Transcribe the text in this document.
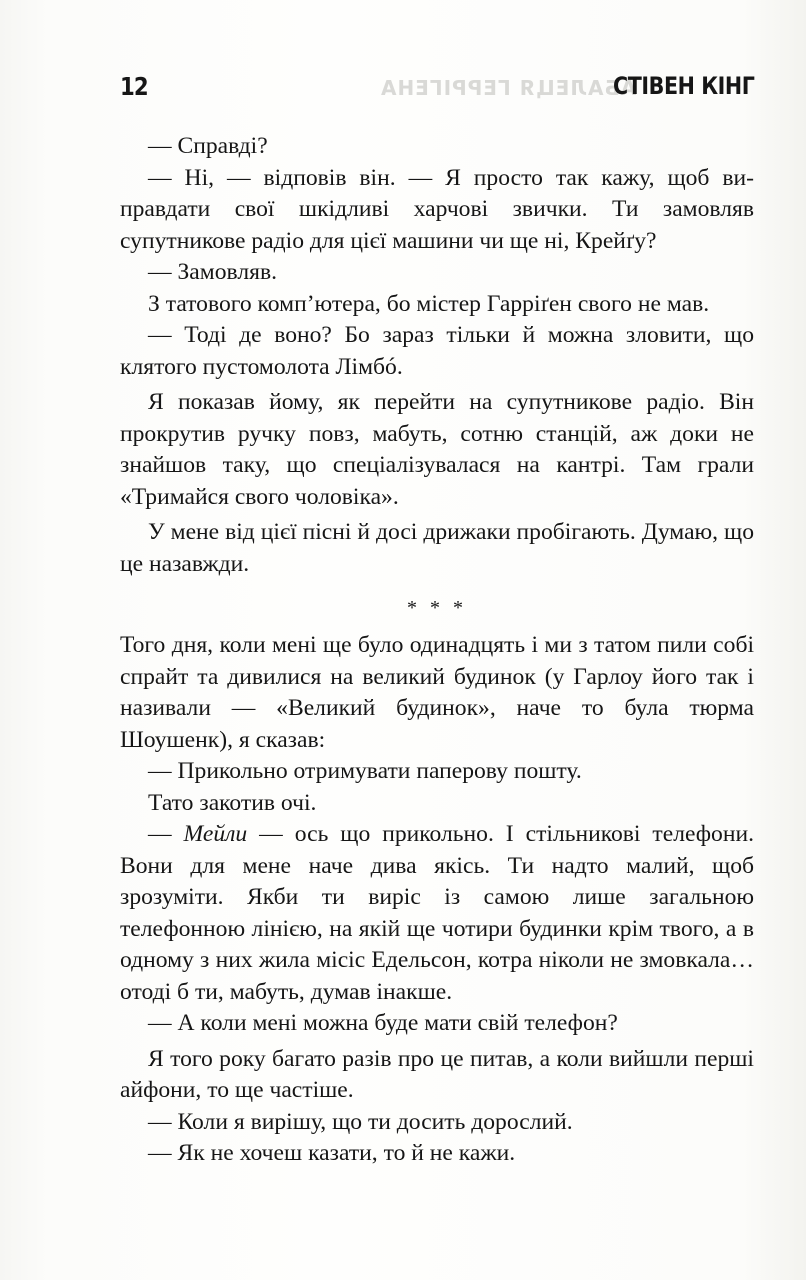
12	АБАЛЕЦЯ ГЕРРІГЕНА
СТІВЕН КІНГ

— Справді?

— Ні, — відповів він. — Я просто так кажу, щоб виправдати свої шкідливі харчові звички. Ти замовляв супутникове радіо для цієї машини чи ще ні, Крейґу?

— Замовляв.

З татового комп’ютера, бо містер Гарріґен свого не мав.

— Тоді де воно? Бо зараз тільки й можна зловити, що клятого пустомолота Лімбó.

Я показав йому, як перейти на супутникове радіо. Він прокрутив ручку повз, мабуть, сотню станцій, аж доки не знайшов таку, що спеціалізувалася на кантрі. Там грали «Тримайся свого чоловіка».

У мене від цієї пісні й досі дрижаки пробігають. Думаю, що це назавжди.

* * *

Того дня, коли мені ще було одинадцять і ми з татом пили собі спрайт та дивилися на великий будинок (у Гарлоу його так і називали — «Великий будинок», наче то була тюрма Шоушенк), я сказав:

— Прикольно отримувати паперову пошту.

Тато закотив очі.

— Мейли — ось що прикольно. І стільникові телефони. Вони для мене наче дива якісь. Ти надто малий, щоб зрозуміти. Якби ти виріс із самою лише загальною телефонною лінією, на якій ще чотири будинки крім твого, а в одному з них жила місіс Едельсон, котра ніколи не змовкала… отоді б ти, мабуть, думав інакше.

— А коли мені можна буде мати свій телефон?

Я того року багато разів про це питав, а коли вийшли перші айфони, то ще частіше.

— Коли я вирішу, що ти досить дорослий.

— Як не хочеш казати, то й не кажи.
